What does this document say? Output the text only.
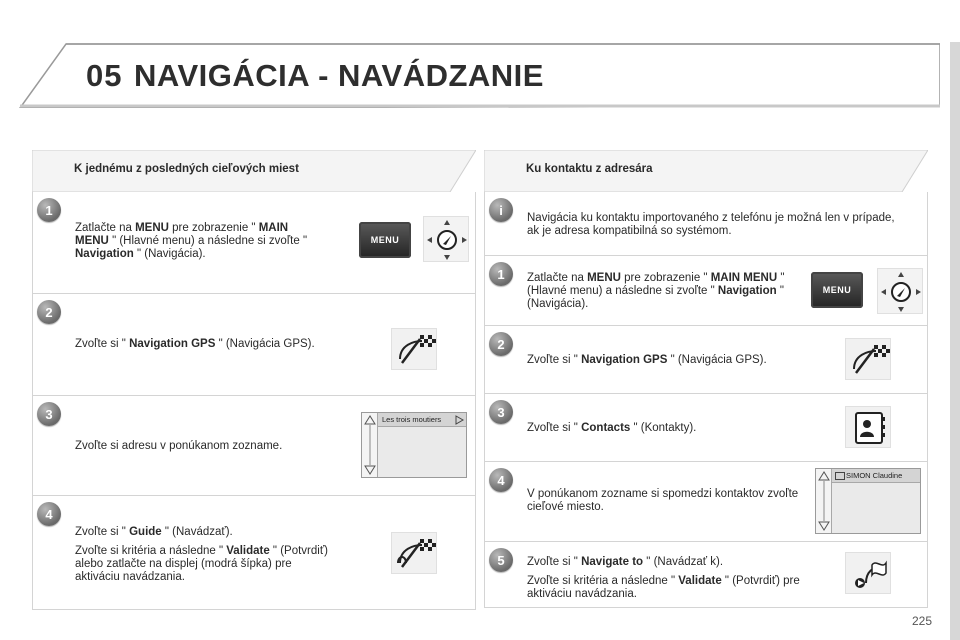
05 NAVIGÁCIA - NAVÁDZANIE
K jednému z posledných cieľových miest
1
Zatlačte na MENU pre zobrazenie " MAIN MENU " (Hlavné menu) a následne si zvoľte " Navigation " (Navigácia).
MENU
2
Zvoľte si " Navigation GPS " (Navigácia GPS).
3
Zvoľte si adresu v ponúkanom zozname.
Les trois moutiers
4

Zvoľte si " Guide " (Navádzať).

Zvoľte si kritéria a následne " Validate " (Potvrdiť) alebo zatlačte na displej (modrá šípka) pre aktiváciu navádzania.

Ku kontaktu z adresára
i
Navigácia ku kontaktu importovaného z telefónu je možná len v prípade, ak je adresa kompatibilná so systémom.
1	Zatlačte na MENU pre zobrazenie " MAIN MENU " (Hlavné menu) a následne si zvoľte " Navigation " (Navigácia).
MENU
2
Zvoľte si " Navigation GPS " (Navigácia GPS).
3
Zvoľte si " Contacts " (Kontakty).
4
V ponúkanom zozname si spomedzi kontaktov zvoľte cieľové miesto.
SIMON Claudine
5	Zvoľte si " Navigate to " (Navádzať k).

Zvoľte si kritéria a následne " Validate " (Potvrdiť) pre aktiváciu navádzania.

225
